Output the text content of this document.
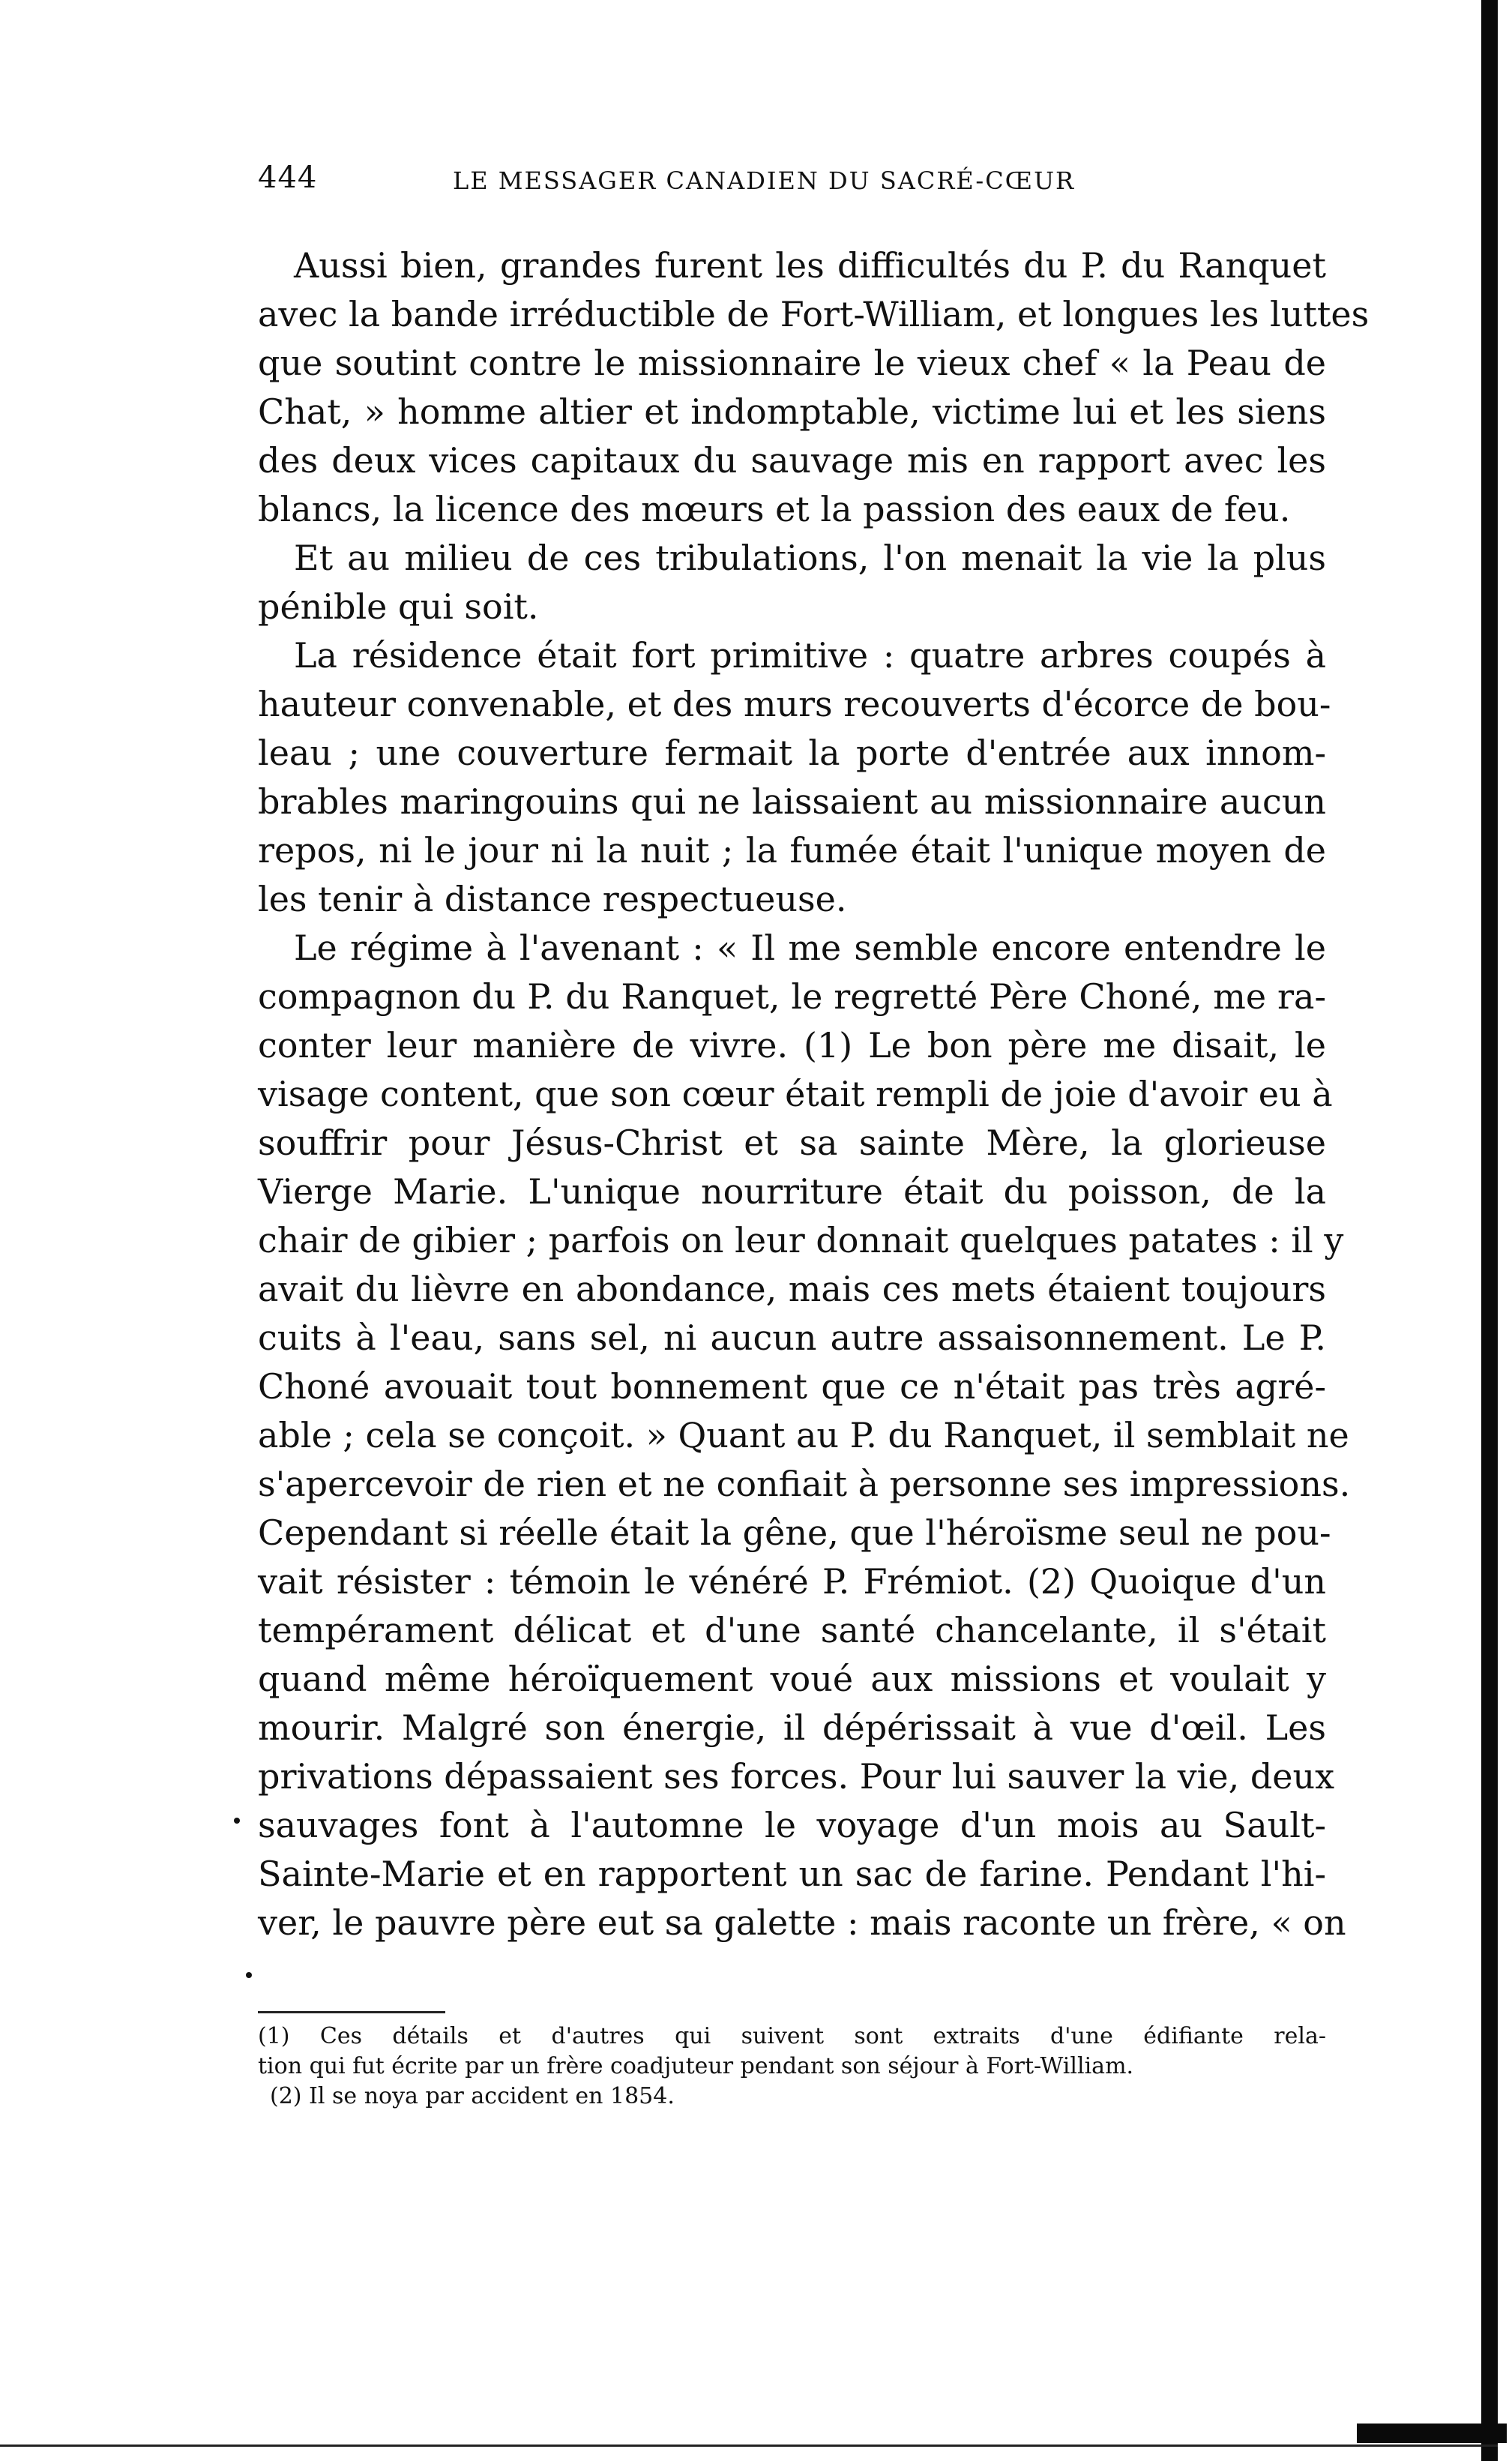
444	LE MESSAGER CANADIEN DU SACRÉ-CŒUR
Aussi bien, grandes furent les difficultés du P. du Ranquet
avec la bande irréductible de Fort-William, et longues les luttes
que soutint contre le missionnaire le vieux chef « la Peau de
Chat, » homme altier et indomptable, victime lui et les siens
des deux vices capitaux du sauvage mis en rapport avec les
blancs, la licence des mœurs et la passion des eaux de feu.
Et au milieu de ces tribulations, l'on menait la vie la plus
pénible qui soit.
La résidence était fort primitive : quatre arbres coupés à
hauteur convenable, et des murs recouverts d'écorce de bou-
leau ; une couverture fermait la porte d'entrée aux innom-
brables maringouins qui ne laissaient au missionnaire aucun
repos, ni le jour ni la nuit ; la fumée était l'unique moyen de
les tenir à distance respectueuse.
Le régime à l'avenant : « Il me semble encore entendre le
compagnon du P. du Ranquet, le regretté Père Choné, me ra-
conter leur manière de vivre. (1) Le bon père me disait, le
visage content, que son cœur était rempli de joie d'avoir eu à
souffrir pour Jésus-Christ et sa sainte Mère, la glorieuse
Vierge Marie. L'unique nourriture était du poisson, de la
chair de gibier ; parfois on leur donnait quelques patates : il y
avait du lièvre en abondance, mais ces mets étaient toujours
cuits à l'eau, sans sel, ni aucun autre assaisonnement. Le P.
Choné avouait tout bonnement que ce n'était pas très agré-
able ; cela se conçoit. » Quant au P. du Ranquet, il semblait ne
s'apercevoir de rien et ne confiait à personne ses impressions.
Cependant si réelle était la gêne, que l'héroïsme seul ne pou-
vait résister : témoin le vénéré P. Frémiot. (2) Quoique d'un
tempérament délicat et d'une santé chancelante, il s'était
quand même héroïquement voué aux missions et voulait y
mourir. Malgré son énergie, il dépérissait à vue d'œil. Les
privations dépassaient ses forces. Pour lui sauver la vie, deux
sauvages font à l'automne le voyage d'un mois au Sault-
Sainte-Marie et en rapportent un sac de farine. Pendant l'hi-
ver, le pauvre père eut sa galette : mais raconte un frère, « on
(1) Ces détails et d'autres qui suivent sont extraits d'une édifiante rela-
tion qui fut écrite par un frère coadjuteur pendant son séjour à Fort-William.
(2) Il se noya par accident en 1854.
